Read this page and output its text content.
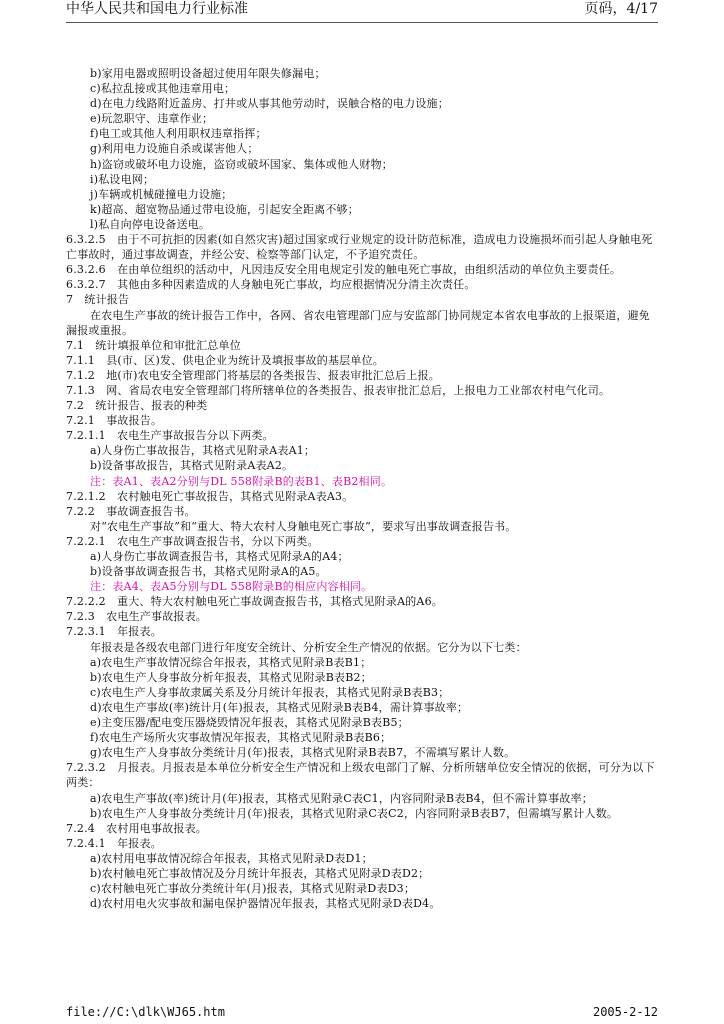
中华人民共和国电力行业标准	页码，4/17

b)家用电器或照明设备超过使用年限失修漏电；

c)私拉乱接或其他违章用电；

d)在电力线路附近盖房、打井或从事其他劳动时，误触合格的电力设施；

e)玩忽职守、违章作业；

f)电工或其他人利用职权违章指挥；

g)利用电力设施自杀或谋害他人；

h)盗窃或破坏电力设施，盗窃或破坏国家、集体或他人财物；

i)私设电网；

j)车辆或机械碰撞电力设施；

k)超高、超宽物品通过带电设施，引起安全距离不够；

l)私自向停电设备送电。

6.3.2.5　由于不可抗拒的因素(如自然灾害)超过国家或行业规定的设计防范标准，造成电力设施损坏而引起人身触电死亡事故时，通过事故调查，并经公安、检察等部门认定，不予追究责任。

6.3.2.6　在由单位组织的活动中，凡因违反安全用电规定引发的触电死亡事故，由组织活动的单位负主要责任。

6.3.2.7　其他由多种因素造成的人身触电死亡事故，均应根据情况分清主次责任。

7　统计报告

在农电生产事故的统计报告工作中，各网、省农电管理部门应与安监部门协同规定本省农电事故的上报渠道，避免漏报或重报。

7.1　统计填报单位和审批汇总单位

7.1.1　县(市、区)发、供电企业为统计及填报事故的基层单位。

7.1.2　地(市)农电安全管理部门将基层的各类报告、报表审批汇总后上报。

7.1.3　网、省局农电安全管理部门将所辖单位的各类报告、报表审批汇总后，上报电力工业部农村电气化司。

7.2　统计报告、报表的种类

7.2.1　事故报告。

7.2.1.1　农电生产事故报告分以下两类。

a)人身伤亡事故报告，其格式见附录A表A1；

b)设备事故报告，其格式见附录A表A2。

注：表A1、表A2分别与DL 558附录B的表B1、表B2相同。

7.2.1.2　农村触电死亡事故报告，其格式见附录A表A3。

7.2.2　事故调查报告书。

对“农电生产事故”和“重大、特大农村人身触电死亡事故”，要求写出事故调查报告书。

7.2.2.1　农电生产事故调查报告书，分以下两类。

a)人身伤亡事故调查报告书，其格式见附录A的A4；

b)设备事故调查报告书，其格式见附录A的A5。

注：表A4、表A5分别与DL 558附录B的相应内容相同。

7.2.2.2　重大、特大农村触电死亡事故调查报告书，其格式见附录A的A6。

7.2.3　农电生产事故报表。

7.2.3.1　年报表。

年报表是各级农电部门进行年度安全统计、分析安全生产情况的依据。它分为以下七类：

a)农电生产事故情况综合年报表，其格式见附录B表B1；

b)农电生产人身事故分析年报表，其格式见附录B表B2；

c)农电生产人身事故隶属关系及分月统计年报表，其格式见附录B表B3；

d)农电生产事故(率)统计月(年)报表，其格式见附录B表B4，需计算事故率；

e)主变压器/配电变压器烧毁情况年报表，其格式见附录B表B5；

f)农电生产场所火灾事故情况年报表，其格式见附录B表B6；

g)农电生产人身事故分类统计月(年)报表，其格式见附录B表B7，不需填写累计人数。

7.2.3.2　月报表。月报表是本单位分析安全生产情况和上级农电部门了解、分析所辖单位安全情况的依据，可分为以下两类：

a)农电生产事故(率)统计月(年)报表，其格式见附录C表C1，内容同附录B表B4，但不需计算事故率；

b)农电生产人身事故分类统计月(年)报表，其格式见附录C表C2，内容同附录B表B7，但需填写累计人数。

7.2.4　农村用电事故报表。

7.2.4.1　年报表。

a)农村用电事故情况综合年报表，其格式见附录D表D1；

b)农村触电死亡事故情况及分月统计年报表，其格式见附录D表D2；

c)农村触电死亡事故分类统计年(月)报表，其格式见附录D表D3；

d)农村用电火灾事故和漏电保护器情况年报表，其格式见附录D表D4。

file://C:\dlk\WJ65.htm	2005-2-12
